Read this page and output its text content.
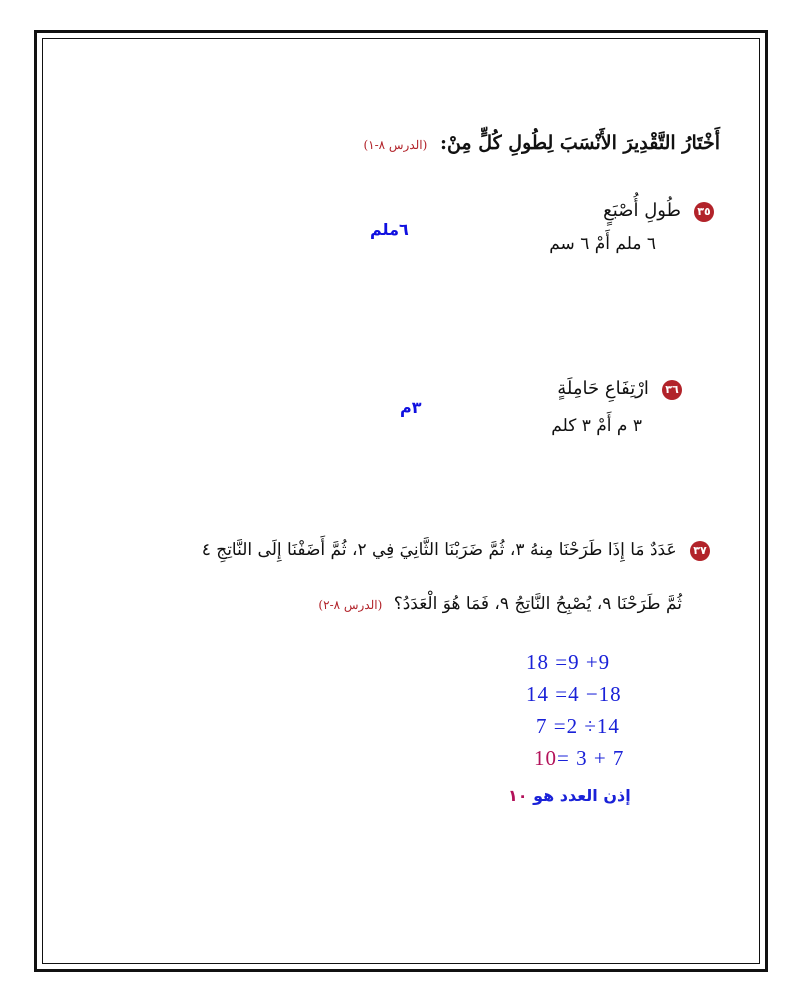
أَخْتَارُ التَّقْدِيرَ الأَنْسَبَ لِطُولِ كُلٍّ مِنْ: (الدرس ٨-١)
٣٥ طُولِ أُصْبَعٍ
٦ ملم أَمْ ٦ سم
٦ملم
٣٦ ارْتِفَاعِ حَامِلَةٍ
٣ م أَمْ ٣ كلم
٣م
٣٧ عَدَدٌ مَا إِذَا طَرَحْنَا مِنهُ ٣، ثُمَّ ضَرَبْنَا الثَّانِيَ فِي ٢، ثُمَّ أَضَفْنَا إِلَى النَّاتِجِ ٤
ثُمَّ طَرَحْنَا ٩، يُصْبِحُ النَّاتِجُ ٩، فَمَا هُوَ الْعَدَدُ؟ (الدرس ٨-٢)
18 =9 +9
14 =4 −18
7 =2 ÷14
10= 3 + 7
إذن العدد هو ١٠
